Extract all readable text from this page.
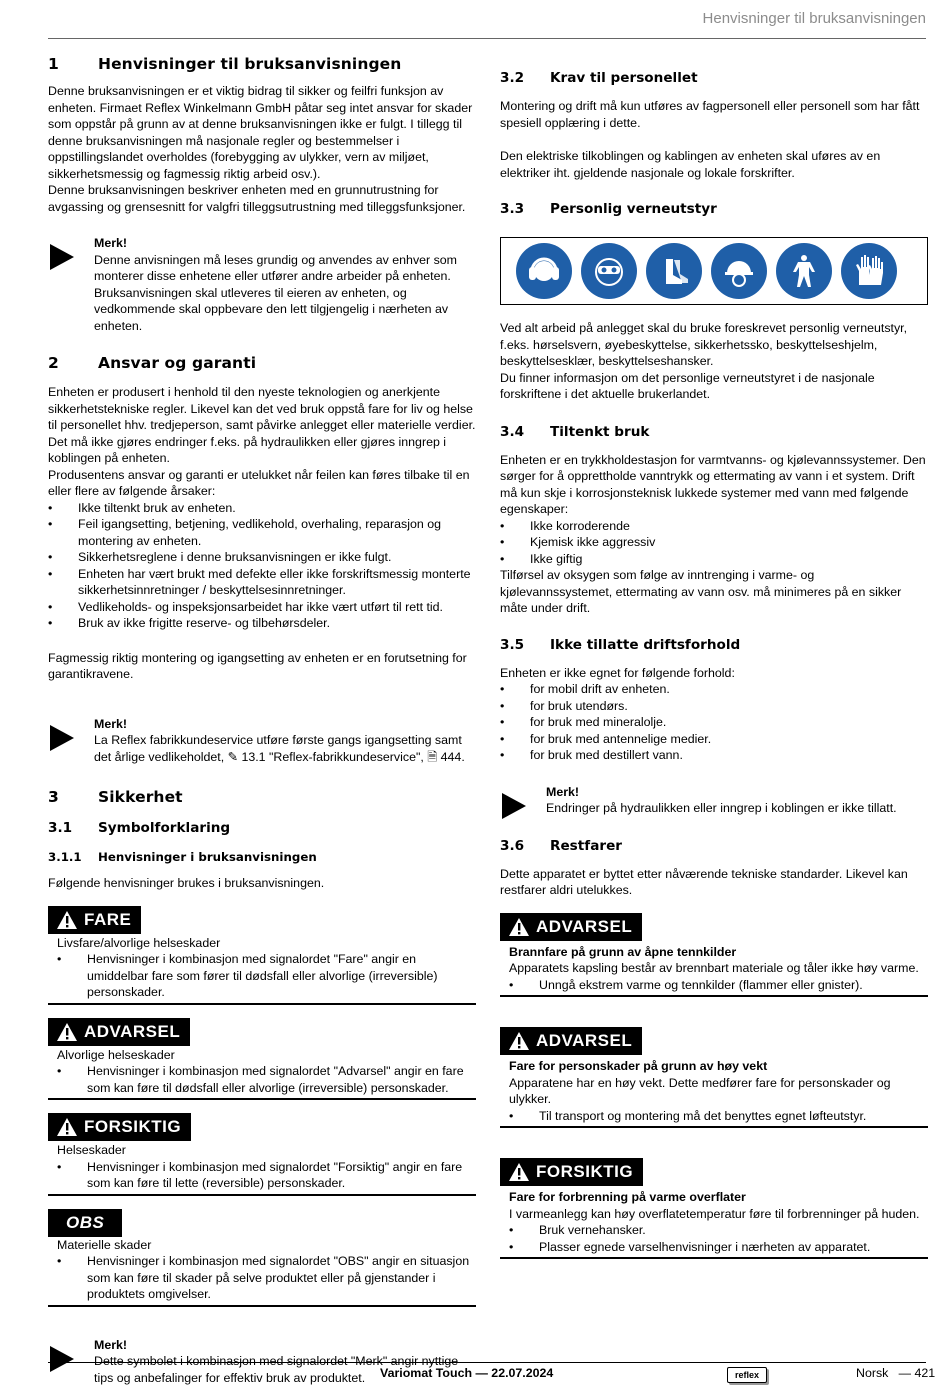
Henvisninger til bruksanvisningen
1	Henvisninger til bruksanvisningen

Denne bruksanvisningen er et viktig bidrag til sikker og feilfri funksjon av enheten. Firmaet Reflex Winkelmann GmbH påtar seg intet ansvar for skader som oppstår på grunn av at denne bruksanvisningen ikke er fulgt. I tillegg til denne bruksanvisningen må nasjonale regler og bestemmelser i oppstillingslandet overholdes (forebygging av ulykker, vern av miljøet, sikkerhetsmessig og fagmessig riktig arbeid osv.).

Denne bruksanvisningen beskriver enheten med en grunnutrustning for avgassing og grensesnitt for valgfri tilleggsutrustning med tilleggsfunksjoner.

Merk!

Denne anvisningen må leses grundig og anvendes av enhver som monterer disse enhetene eller utfører andre arbeider på enheten. Bruksanvisningen skal utleveres til eieren av enheten, og vedkommende skal oppbevare den lett tilgjengelig i nærheten av enheten.

2	Ansvar og garanti

Enheten er produsert i henhold til den nyeste teknologien og anerkjente sikkerhetstekniske regler. Likevel kan det ved bruk oppstå fare for liv og helse til personellet hhv. tredjeperson, samt påvirke anlegget eller materielle verdier.

Det må ikke gjøres endringer f.eks. på hydraulikken eller gjøres inngrep i koblingen på enheten.

Produsentens ansvar og garanti er utelukket når feilen kan føres tilbake til en eller flere av følgende årsaker:

• Ikke tiltenkt bruk av enheten.
• Feil igangsetting, betjening, vedlikehold, overhaling, reparasjon og montering av enheten.
• Sikkerhetsreglene i denne bruksanvisningen er ikke fulgt.
• Enheten har vært brukt med defekte eller ikke forskriftsmessig monterte sikkerhetsinnretninger / beskyttelsesinnretninger.
• Vedlikeholds- og inspeksjonsarbeidet har ikke vært utført til rett tid.
• Bruk av ikke frigitte reserve- og tilbehørsdeler.

Fagmessig riktig montering og igangsetting av enheten er en forutsetning for garantikravene.

Merk!

La Reflex fabrikkundeservice utføre første gangs igangsetting samt det årlige vedlikeholdet, ✎ 13.1 "Reflex-fabrikkundeservice", 🗎 444.

3	Sikkerhet
3.1 Symbolforklaring
3.1.1 Henvisninger i bruksanvisningen

Følgende henvisninger brukes i bruksanvisningen.

FARE

Livsfare/alvorlige helseskader

• Henvisninger i kombinasjon med signalordet "Fare" angir en umiddelbar fare som fører til dødsfall eller alvorlige (irreversible) personskader.
ADVARSEL

Alvorlige helseskader

• Henvisninger i kombinasjon med signalordet "Advarsel" angir en fare som kan føre til dødsfall eller alvorlige (irreversible) personskader.
FORSIKTIG

Helseskader

• Henvisninger i kombinasjon med signalordet "Forsiktig" angir en fare som kan føre til lette (reversible) personskader.
OBS

Materielle skader

• Henvisninger i kombinasjon med signalordet "OBS" angir en situasjon som kan føre til skader på selve produktet eller på gjenstander i produktets omgivelser.
Merk!

Dette symbolet i kombinasjon med signalordet "Merk" angir nyttige tips og anbefalinger for effektiv bruk av produktet.

3.2 Krav til personellet

Montering og drift må kun utføres av fagpersonell eller personell som har fått spesiell opplæring i dette.

Den elektriske tilkoblingen og kablingen av enheten skal uføres av en elektriker iht. gjeldende nasjonale og lokale forskrifter.

3.3 Personlig verneutstyr

Ved alt arbeid på anlegget skal du bruke foreskrevet personlig verneutstyr, f.eks. hørselsvern, øyebeskyttelse, sikkerhetssko, beskyttelseshjelm, beskyttelsesklær, beskyttelseshansker.

Du finner informasjon om det personlige verneutstyret i de nasjonale forskriftene i det aktuelle brukerlandet.

3.4 Tiltenkt bruk

Enheten er en trykkholdestasjon for varmtvanns- og kjølevannssystemer. Den sørger for å opprettholde vanntrykk og ettermating av vann i et system. Drift må kun skje i korrosjonsteknisk lukkede systemer med vann med følgende egenskaper:

• Ikke korroderende
• Kjemisk ikke aggressiv
• Ikke giftig

Tilførsel av oksygen som følge av inntrenging i varme- og kjølevannssystemet, ettermating av vann osv. må minimeres på en sikker måte under drift.

3.5 Ikke tillatte driftsforhold

Enheten er ikke egnet for følgende forhold:

• for mobil drift av enheten.
• for bruk utendørs.
• for bruk med mineralolje.
• for bruk med antennelige medier.
• for bruk med destillert vann.
Merk!

Endringer på hydraulikken eller inngrep i koblingen er ikke tillatt.

3.6 Restfarer

Dette apparatet er byttet etter nåværende tekniske standarder. Likevel kan restfarer aldri utelukkes.

ADVARSEL

Brannfare på grunn av åpne tennkilder

Apparatets kapsling består av brennbart materiale og tåler ikke høy varme.

• Unngå ekstrem varme og tennkilder (flammer eller gnister).
ADVARSEL

Fare for personskader på grunn av høy vekt

Apparatene har en høy vekt. Dette medfører fare for personskader og ulykker.

• Til transport og montering må det benyttes egnet løfteutstyr.
FORSIKTIG

Fare for forbrenning på varme overflater

I varmeanlegg kan høy overflatetemperatur føre til forbrenninger på huden.

• Bruk vernehansker.
• Plasser egnede varselhenvisninger i nærheten av apparatet.
Variomat Touch — 22.07.2024	reflex	Norsk   — 421
